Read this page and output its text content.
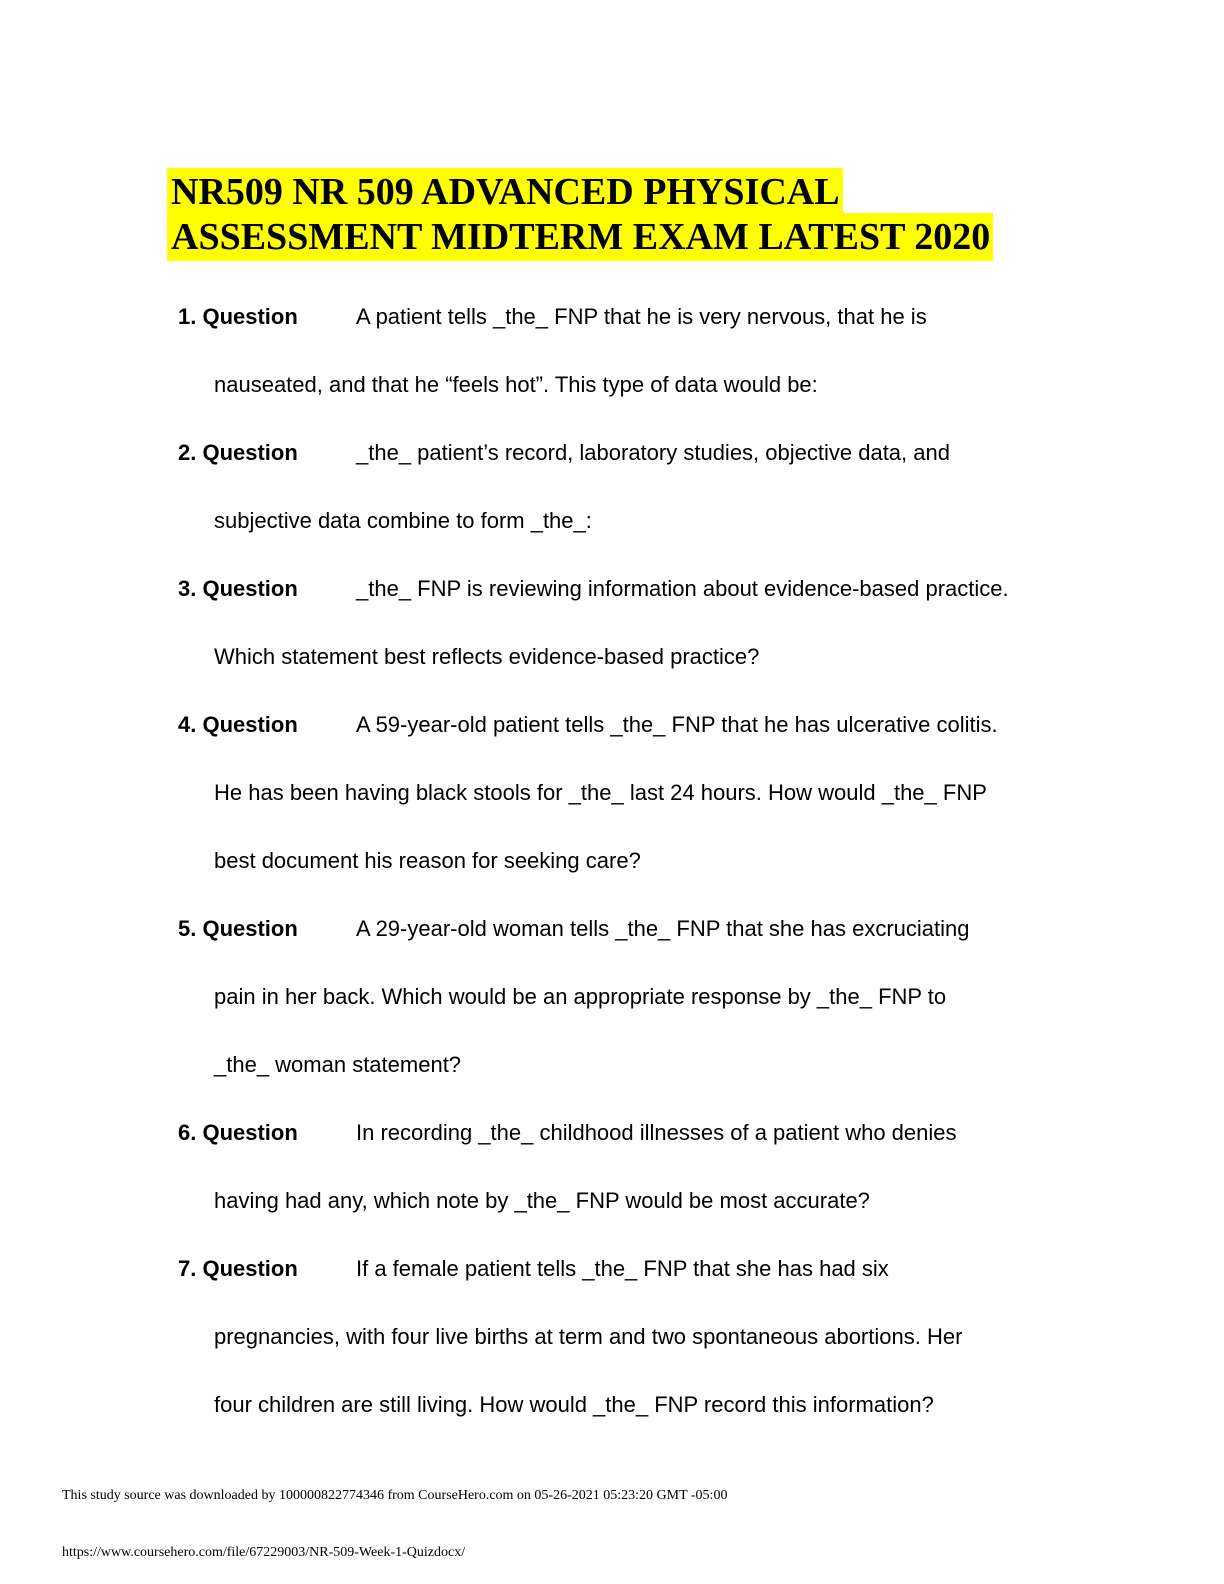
NR509 NR 509 ADVANCED PHYSICAL

ASSESSMENT MIDTERM EXAM LATEST 2020
1. Question	A patient tells _the_ FNP that he is very nervous, that he is
nauseated, and that he “feels hot”. This type of data would be:
2. Question	_the_ patient’s record, laboratory studies, objective data, and
subjective data combine to form _the_:
3. Question	_the_ FNP is reviewing information about evidence-based practice.
Which statement best reflects evidence-based practice?
4. Question	A 59-year-old patient tells _the_ FNP that he has ulcerative colitis.
He has been having black stools for _the_ last 24 hours. How would _the_ FNP
best document his reason for seeking care?
5. Question	A 29-year-old woman tells _the_ FNP that she has excruciating
pain in her back. Which would be an appropriate response by _the_ FNP to
_the_ woman statement?
6. Question	In recording _the_ childhood illnesses of a patient who denies
having had any, which note by _the_ FNP would be most accurate?
7. Question	If a female patient tells _the_ FNP that she has had six
pregnancies, with four live births at term and two spontaneous abortions. Her
four children are still living. How would _the_ FNP record this information?
This study source was downloaded by 100000822774346 from CourseHero.com on 05-26-2021 05:23:20 GMT -05:00
https://www.coursehero.com/file/67229003/NR-509-Week-1-Quizdocx/
